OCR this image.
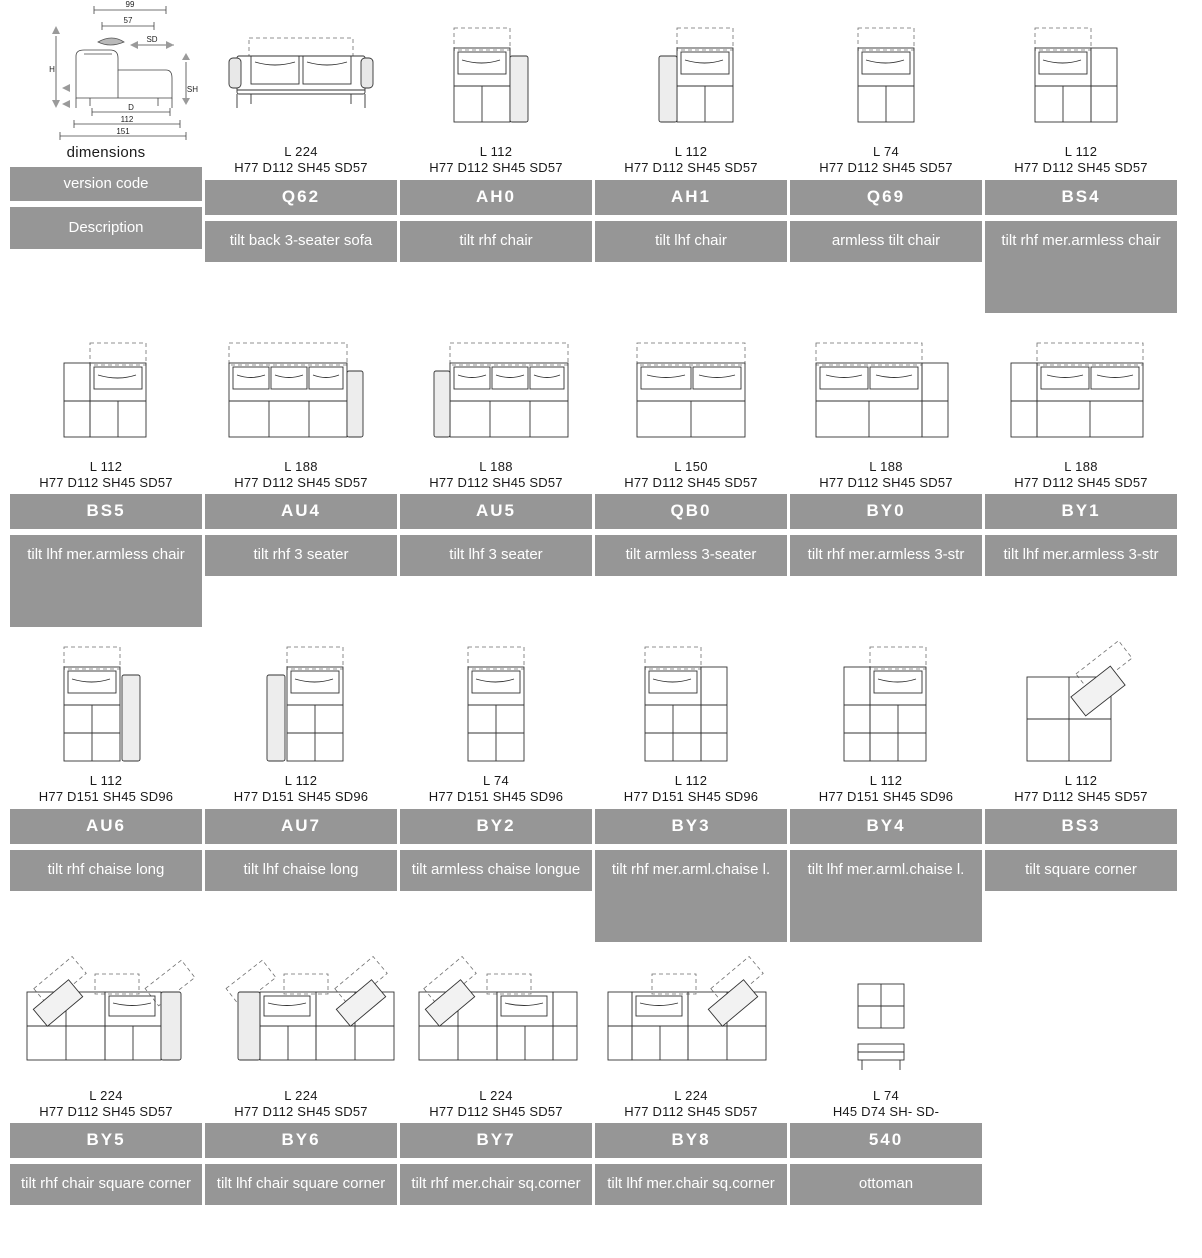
99
57
SD
H
SH
D
112
151
dimensions
version code
Description
L 224
H77 D112 SH45 SD57
Q62
tilt back 3-seater sofa
L 112
H77 D112 SH45 SD57
AH0
tilt rhf chair
L 112
H77 D112 SH45 SD57
AH1
tilt lhf chair
L 74
H77 D112 SH45 SD57
Q69
armless tilt chair
L 112
H77 D112 SH45 SD57
BS4
tilt rhf mer.armless chair
L 112
H77 D112 SH45 SD57
BS5
tilt lhf mer.armless chair
L 188
H77 D112 SH45 SD57
AU4
tilt rhf 3 seater
L 188
H77 D112 SH45 SD57
AU5
tilt lhf 3 seater
L 150
H77 D112 SH45 SD57
QB0
tilt armless 3-seater
L 188
H77 D112 SH45 SD57
BY0
tilt rhf mer.armless 3-str
L 188
H77 D112 SH45 SD57
BY1
tilt lhf mer.armless 3-str
L 112
H77 D151 SH45 SD96
AU6
tilt rhf chaise long
L 112
H77 D151 SH45 SD96
AU7
tilt lhf chaise long
L 74
H77 D151 SH45 SD96
BY2
tilt armless chaise longue
L 112
H77 D151 SH45 SD96
BY3
tilt rhf mer.arml.chaise l.
L 112
H77 D151 SH45 SD96
BY4
tilt lhf mer.arml.chaise l.
L 112
H77 D112 SH45 SD57
BS3
tilt square corner
L 224
H77 D112 SH45 SD57
BY5
tilt rhf chair square corner
L 224
H77 D112 SH45 SD57
BY6
tilt lhf chair square corner
L 224
H77 D112 SH45 SD57
BY7
tilt rhf mer.chair sq.corner
L 224
H77 D112 SH45 SD57
BY8
tilt lhf mer.chair sq.corner
L 74
H45 D74 SH- SD-
540
ottoman
